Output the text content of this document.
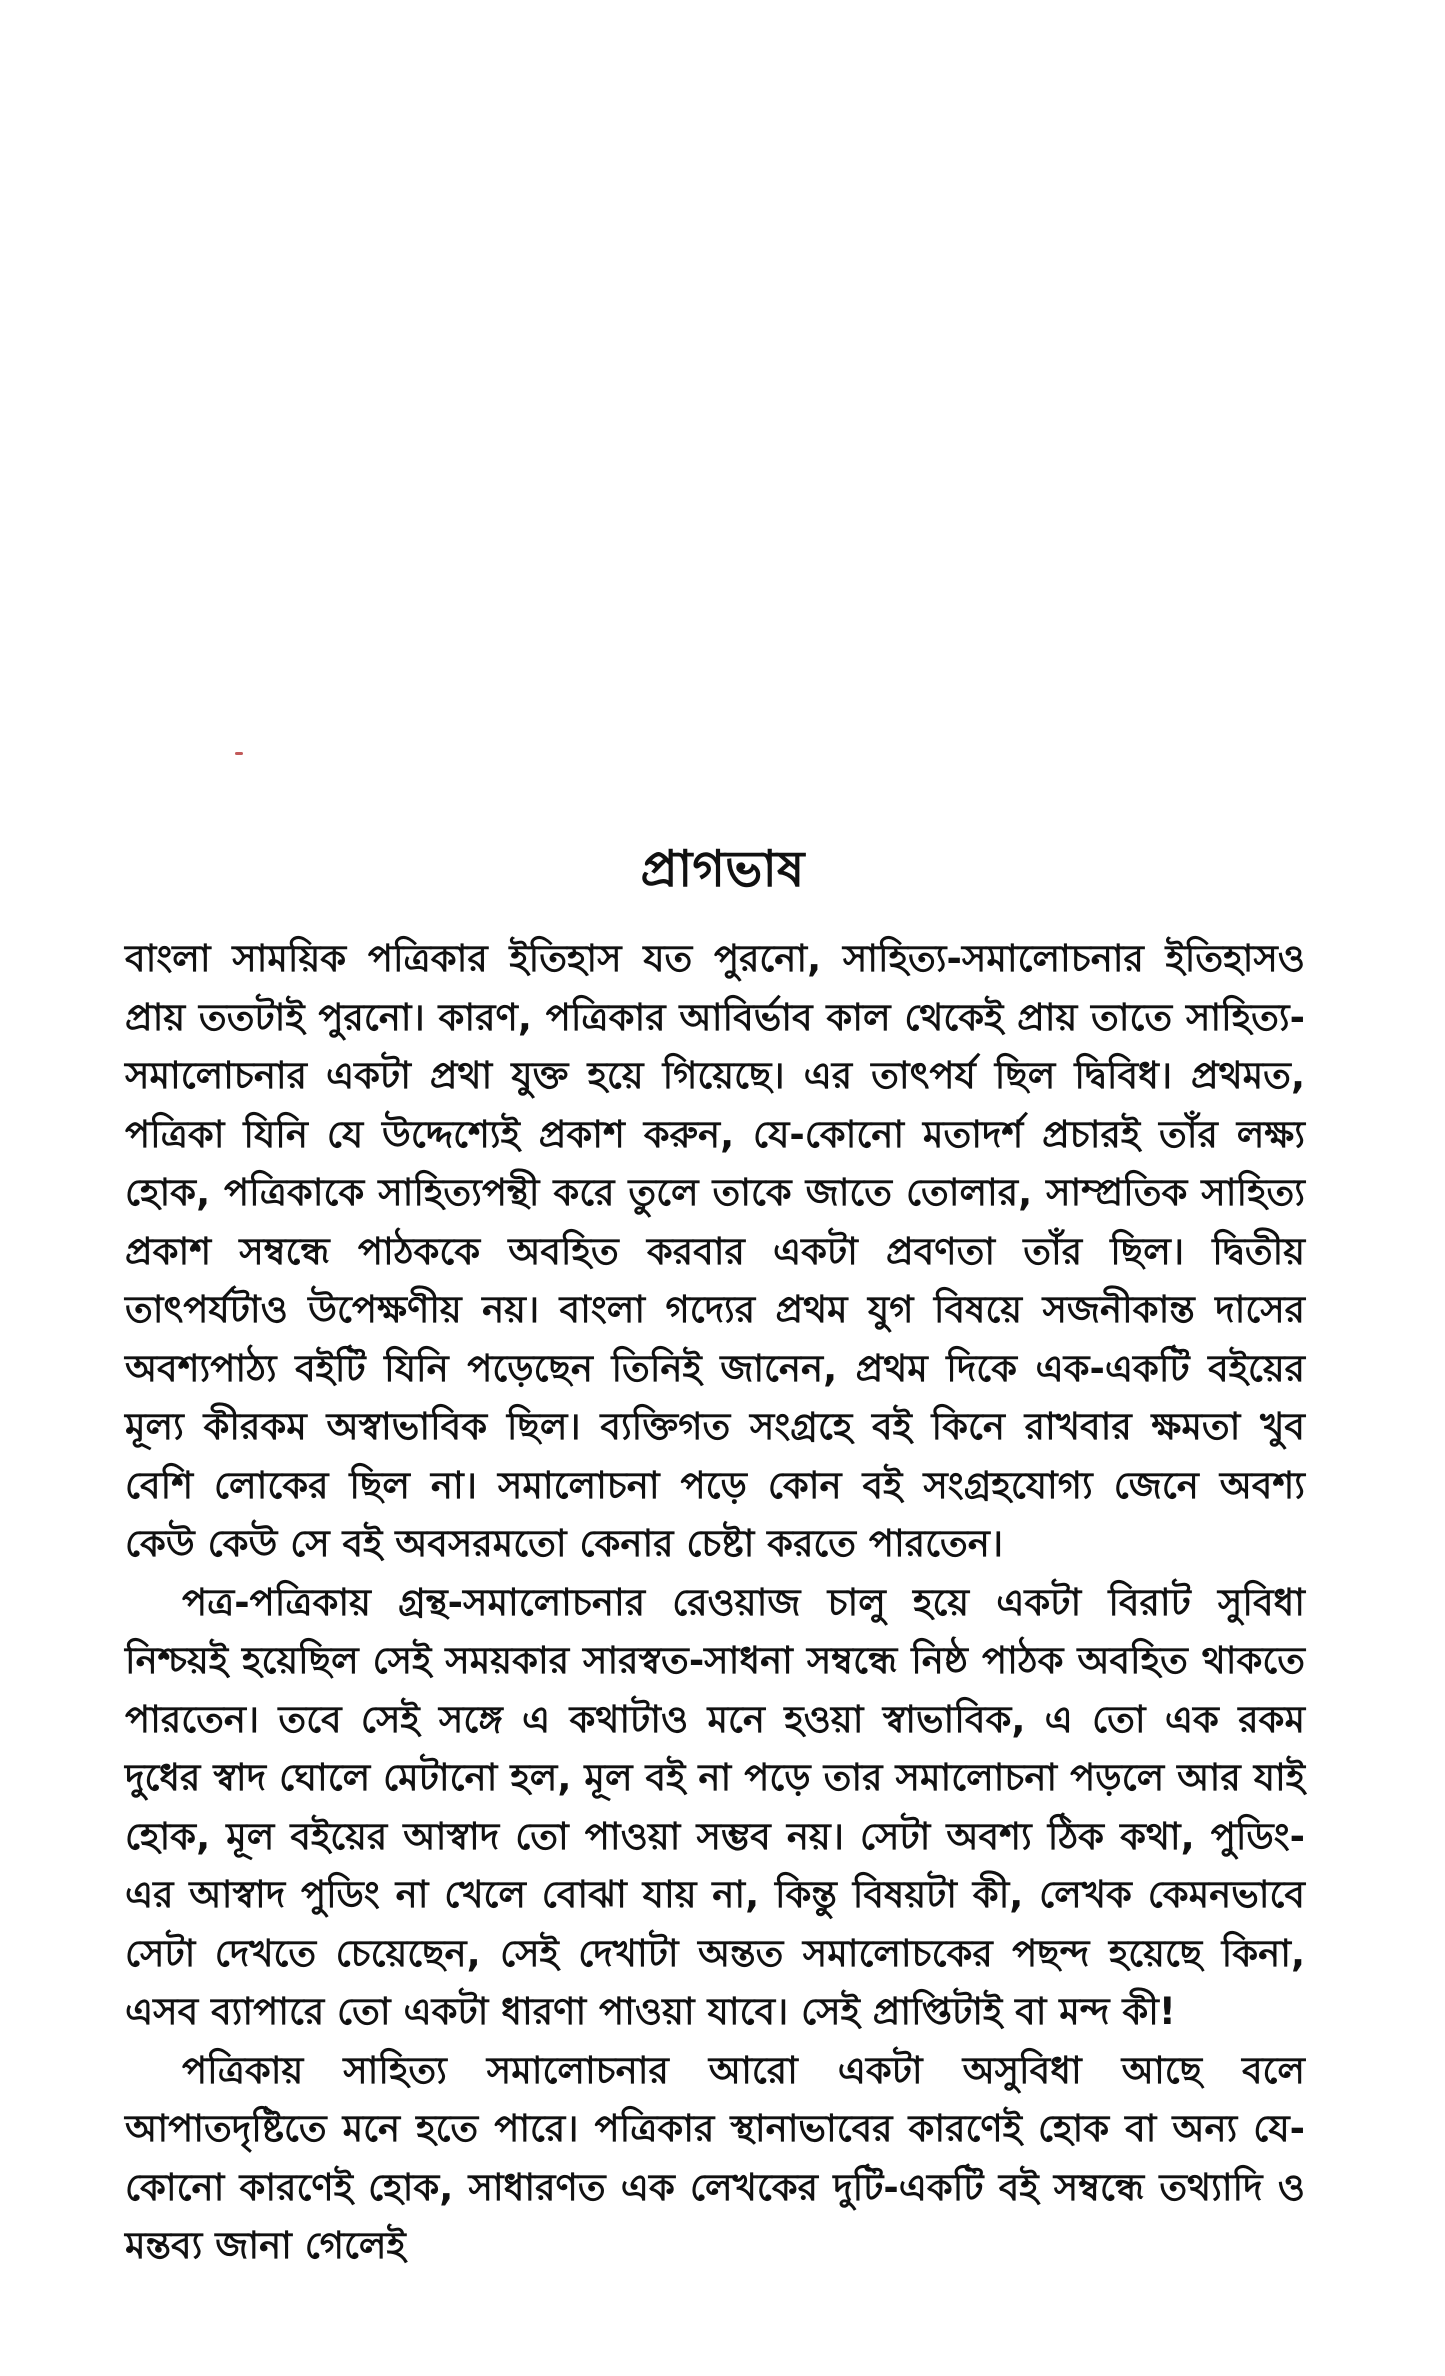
প্রাগভাষ

বাংলা সাময়িক পত্রিকার ইতিহাস যত পুরনো, সাহিত্য-সমালোচনার ইতিহাসও প্রায় ততটাই পুরনো। কারণ, পত্রিকার আবির্ভাব কাল থেকেই প্রায় তাতে সাহিত্য-সমালোচনার একটা প্রথা যুক্ত হয়ে গিয়েছে। এর তাৎপর্য ছিল দ্বিবিধ। প্রথমত, পত্রিকা যিনি যে উদ্দেশ্যেই প্রকাশ করুন, যে-কোনো মতাদর্শ প্রচারই তাঁর লক্ষ্য হোক, পত্রিকাকে সাহিত্যপন্থী করে তুলে তাকে জাতে তোলার, সাম্প্রতিক সাহিত্য প্রকাশ সম্বন্ধে পাঠককে অবহিত করবার একটা প্রবণতা তাঁর ছিল। দ্বিতীয় তাৎপর্যটাও উপেক্ষণীয় নয়। বাংলা গদ্যের প্রথম যুগ বিষয়ে সজনীকান্ত দাসের অবশ্যপাঠ্য বইটি যিনি পড়েছেন তিনিই জানেন, প্রথম দিকে এক-একটি বইয়ের মূল্য কীরকম অস্বাভাবিক ছিল। ব্যক্তিগত সংগ্রহে বই কিনে রাখবার ক্ষমতা খুব বেশি লোকের ছিল না। সমালোচনা পড়ে কোন বই সংগ্রহযোগ্য জেনে অবশ্য কেউ কেউ সে বই অবসরমতো কেনার চেষ্টা করতে পারতেন।

পত্র-পত্রিকায় গ্রন্থ-সমালোচনার রেওয়াজ চালু হয়ে একটা বিরাট সুবিধা নিশ্চয়ই হয়েছিল সেই সময়কার সারস্বত-সাধনা সম্বন্ধে নিষ্ঠ পাঠক অবহিত থাকতে পারতেন। তবে সেই সঙ্গে এ কথাটাও মনে হওয়া স্বাভাবিক, এ তো এক রকম দুধের স্বাদ ঘোলে মেটানো হল, মূল বই না পড়ে তার সমালোচনা পড়লে আর যাই হোক, মূল বইয়ের আস্বাদ তো পাওয়া সম্ভব নয়। সেটা অবশ্য ঠিক কথা, পুডিং-এর আস্বাদ পুডিং না খেলে বোঝা যায় না, কিন্তু বিষয়টা কী, লেখক কেমনভাবে সেটা দেখতে চেয়েছেন, সেই দেখাটা অন্তত সমালোচকের পছন্দ হয়েছে কিনা, এসব ব্যাপারে তো একটা ধারণা পাওয়া যাবে। সেই প্রাপ্তিটাই বা মন্দ কী!

পত্রিকায় সাহিত্য সমালোচনার আরো একটা অসুবিধা আছে বলে আপাতদৃষ্টিতে মনে হতে পারে। পত্রিকার স্থানাভাবের কারণেই হোক বা অন্য যে-কোনো কারণেই হোক, সাধারণত এক লেখকের দুটি-একটি বই সম্বন্ধে তথ্যাদি ও মন্তব্য জানা গেলেই
